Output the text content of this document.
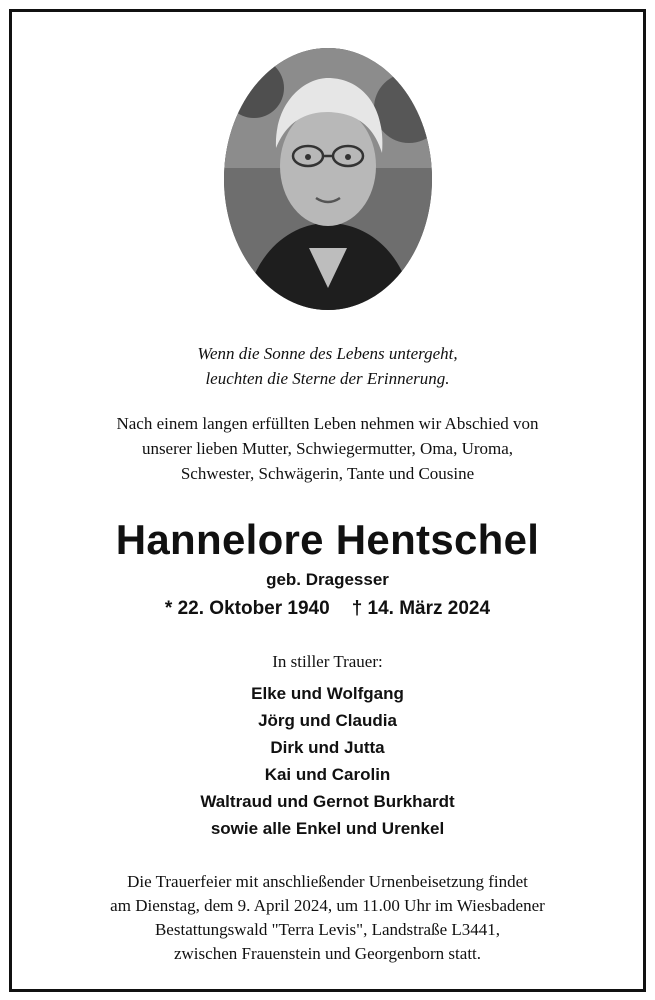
Wenn die Sonne des Lebens untergeht,
leuchten die Sterne der Erinnerung.
Nach einem langen erfüllten Leben nehmen wir Abschied von
unserer lieben Mutter, Schwiegermutter, Oma, Uroma,
Schwester, Schwägerin, Tante und Cousine
Hannelore Hentschel
geb. Dragesser
* 22. Oktober 1940 † 14. März 2024
In stiller Trauer:
Elke und Wolfgang
Jörg und Claudia
Dirk und Jutta
Kai und Carolin
Waltraud und Gernot Burkhardt
sowie alle Enkel und Urenkel
Die Trauerfeier mit anschließender Urnenbeisetzung findet
am Dienstag, dem 9. April 2024, um 11.00 Uhr im Wiesbadener
Bestattungswald "Terra Levis", Landstraße L3441,
zwischen Frauenstein und Georgenborn statt.
